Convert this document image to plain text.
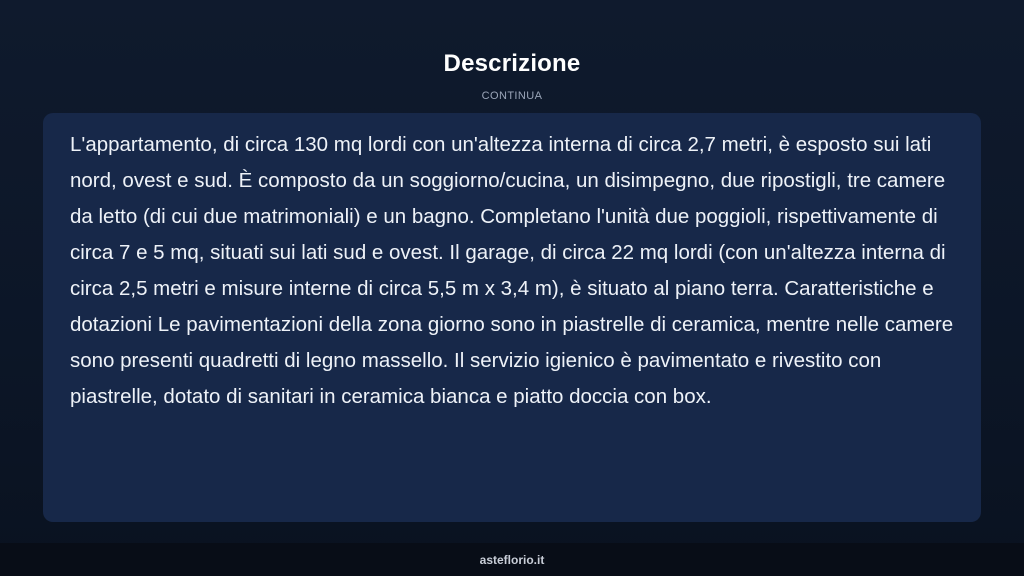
Descrizione
CONTINUA

L'appartamento, di circa 130 mq lordi con un'altezza interna di circa 2,7 metri, è esposto sui lati nord, ovest e sud. È composto da un soggiorno/cucina, un disimpegno, due ripostigli, tre camere da letto (di cui due matrimoniali) e un bagno. Completano l'unità due poggioli, rispettivamente di circa 7 e 5 mq, situati sui lati sud e ovest. Il garage, di circa 22 mq lordi (con un'altezza interna di circa 2,5 metri e misure interne di circa 5,5 m x 3,4 m), è situato al piano terra. Caratteristiche e dotazioni Le pavimentazioni della zona giorno sono in piastrelle di ceramica, mentre nelle camere sono presenti quadretti di legno massello. Il servizio igienico è pavimentato e rivestito con piastrelle, dotato di sanitari in ceramica bianca e piatto doccia con box.

asteflorio.it
